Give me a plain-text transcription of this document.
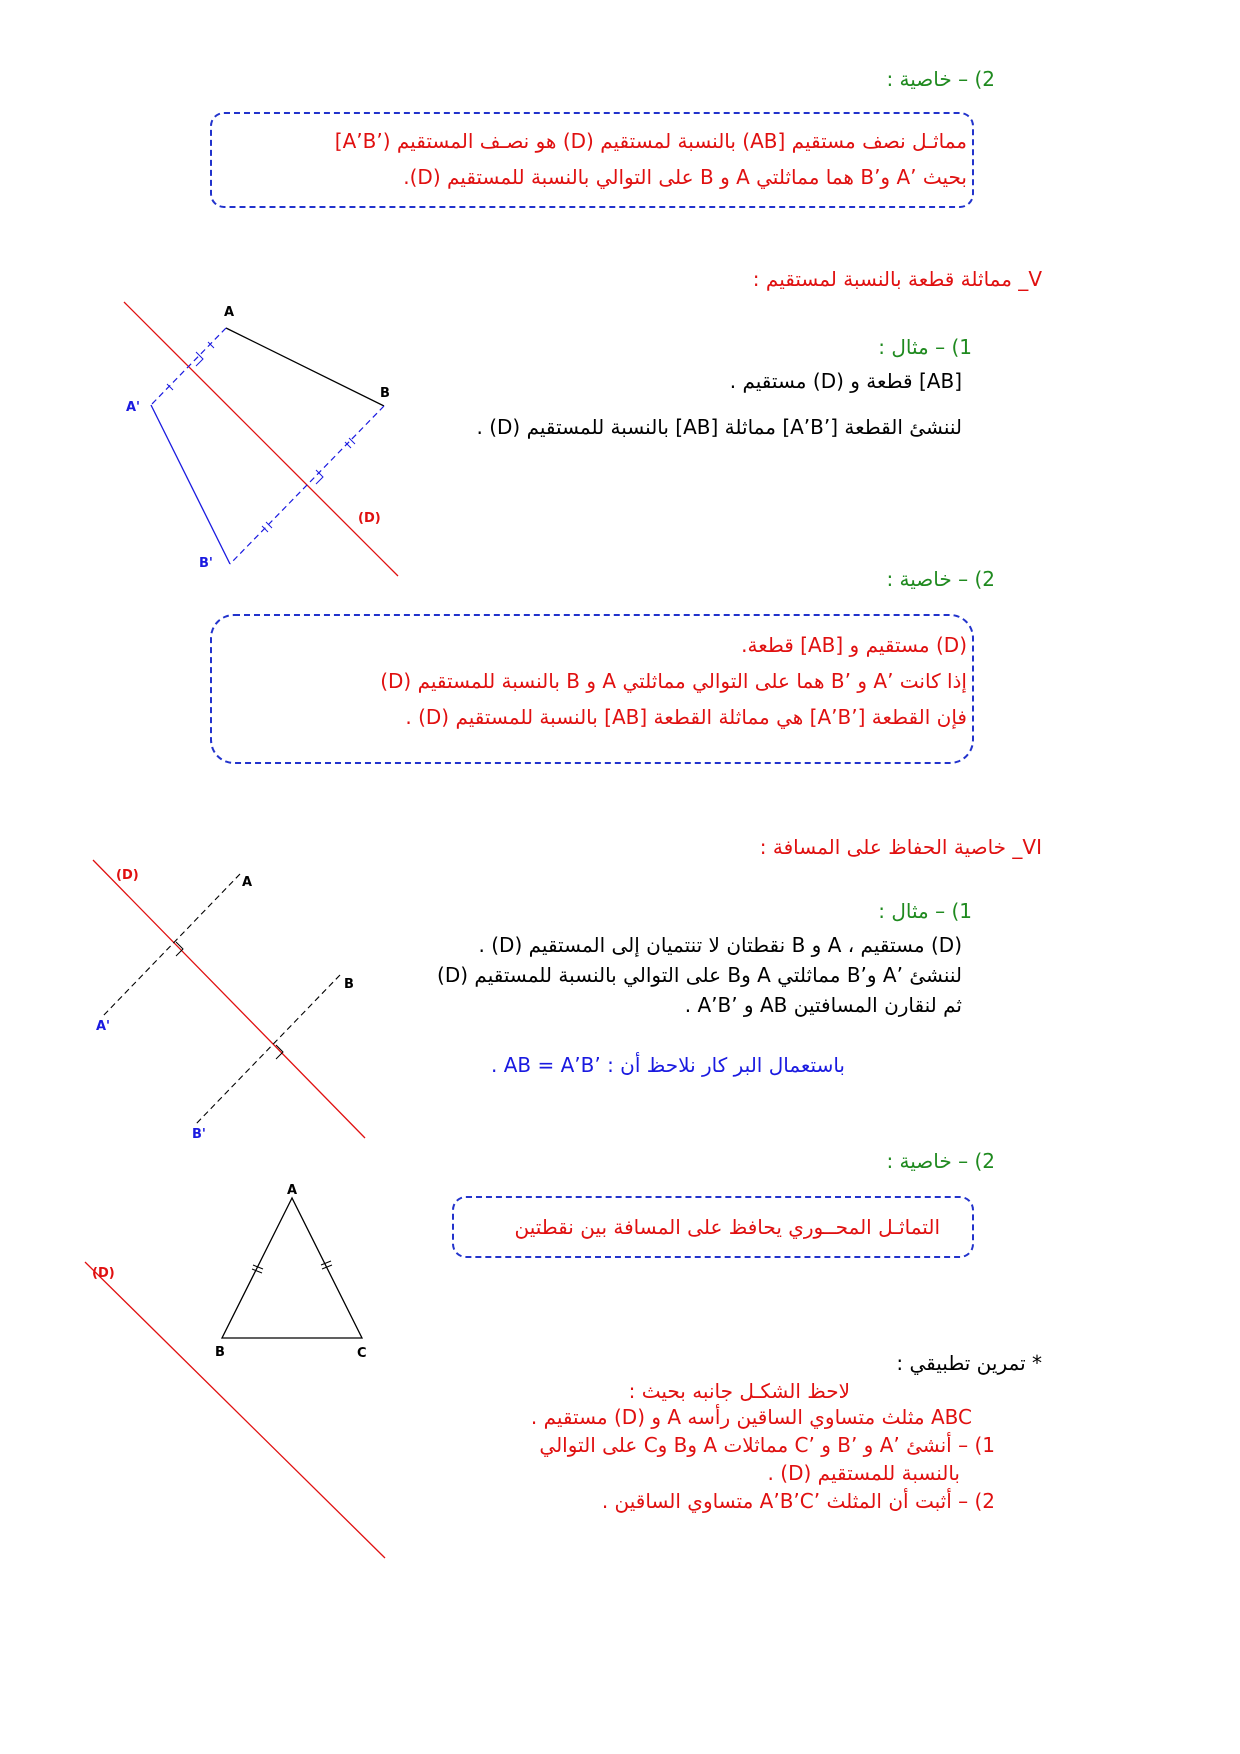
2) – خاصية :
مماثـل نصف مستقيم [AB) بالنسبة لمستقيم (D) هو نصـف المستقيم (’A’B]
بحيث ’A و’B هما مماثلتي A و B على التوالي بالنسبة للمستقيم (D).
V_ مماثلة قطعة بالنسبة لمستقيم :
A
B
A'
B'
(D)
1) – مثال :
[AB] قطعة و (D) مستقيم .
لننشئ القطعة [’A’B] مماثلة [AB] بالنسبة للمستقيم (D) .
2) – خاصية :
(D) مستقيم و [AB] قطعة.
إذا كانت ’A و ’B هما على التوالي مماثلتي A و B بالنسبة للمستقيم (D)
فإن القطعة [’A’B] هي مماثلة القطعة [AB] بالنسبة للمستقيم (D) .
VI_ خاصية الحفاظ على المسافة :
A
B
A'
B'
(D)
1) – مثال :
(D) مستقيم ، A و B نقطتان لا تنتميان إلى المستقيم (D) .
لننشئ ’A و’B مماثلتي A وB على التوالي بالنسبة للمستقيم (D)
ثم لنقارن المسافتين AB و ’A’B .
باستعمال البر كار نلاحظ أن : ’AB = A’B .
2) – خاصية :
التماثـل المحــوري يحافظ على المسافة بين نقطتين
A
B	C
(D)
* تمرين تطبيقي :
لاحظ الشكـل جانبه بحيث :
ABC مثلث متساوي الساقين رأسه A و (D) مستقيم .
1) – أنشئ ’A و ’B و ’C مماثلات A وB وC على التوالي
بالنسبة للمستقيم (D) .
2) – أثبت أن المثلث ’A’B’C متساوي الساقين .
